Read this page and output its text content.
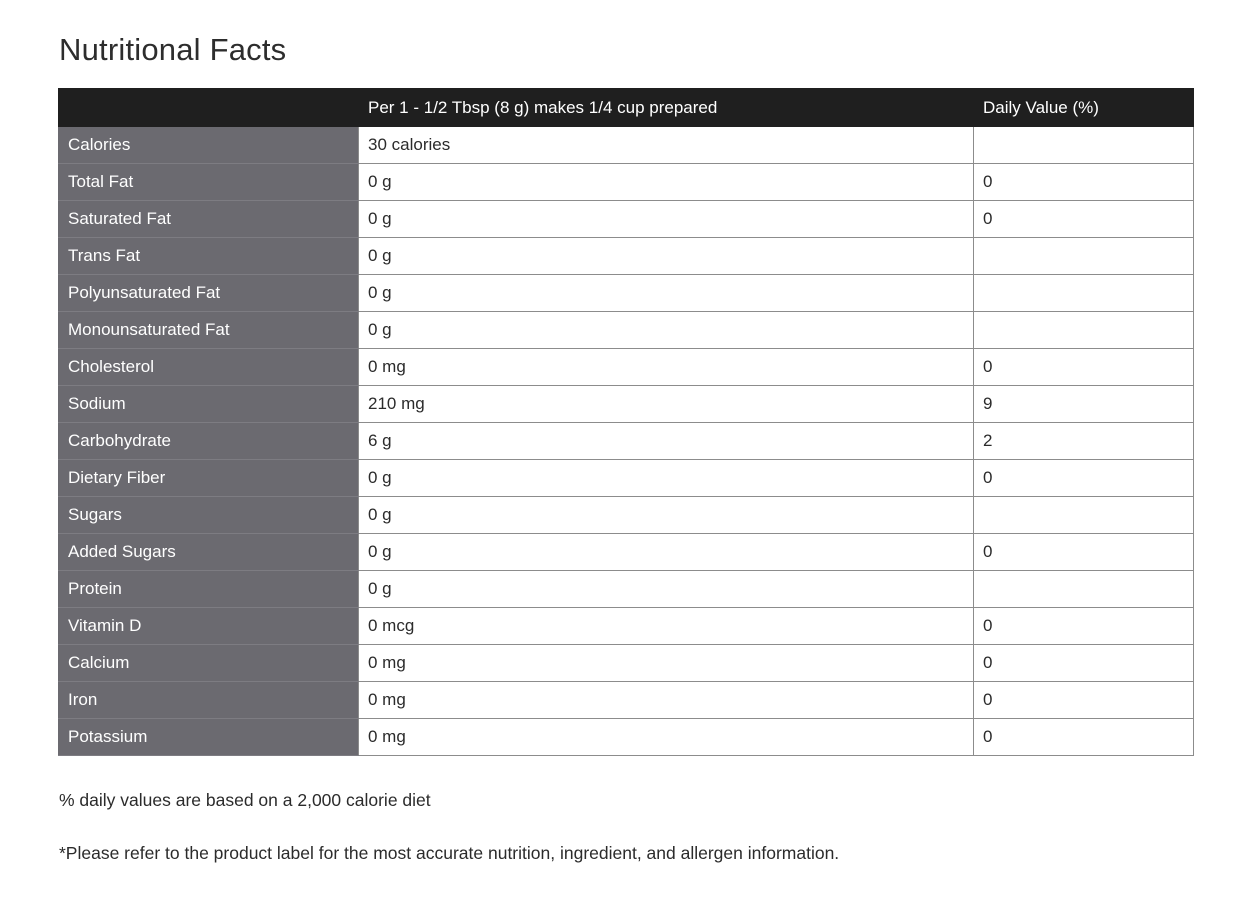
Nutritional Facts
	Per 1 - 1/2 Tbsp (8 g) makes 1/4 cup prepared	Daily Value (%)
Calories	30 calories	
Total Fat	0 g	0
Saturated Fat	0 g	0
Trans Fat	0 g	
Polyunsaturated Fat	0 g	
Monounsaturated Fat	0 g	
Cholesterol	0 mg	0
Sodium	210 mg	9
Carbohydrate	6 g	2
Dietary Fiber	0 g	0
Sugars	0 g	
Added Sugars	0 g	0
Protein	0 g	
Vitamin D	0 mcg	0
Calcium	0 mg	0
Iron	0 mg	0
Potassium	0 mg	0

% daily values are based on a 2,000 calorie diet

*Please refer to the product label for the most accurate nutrition, ingredient, and allergen information.
